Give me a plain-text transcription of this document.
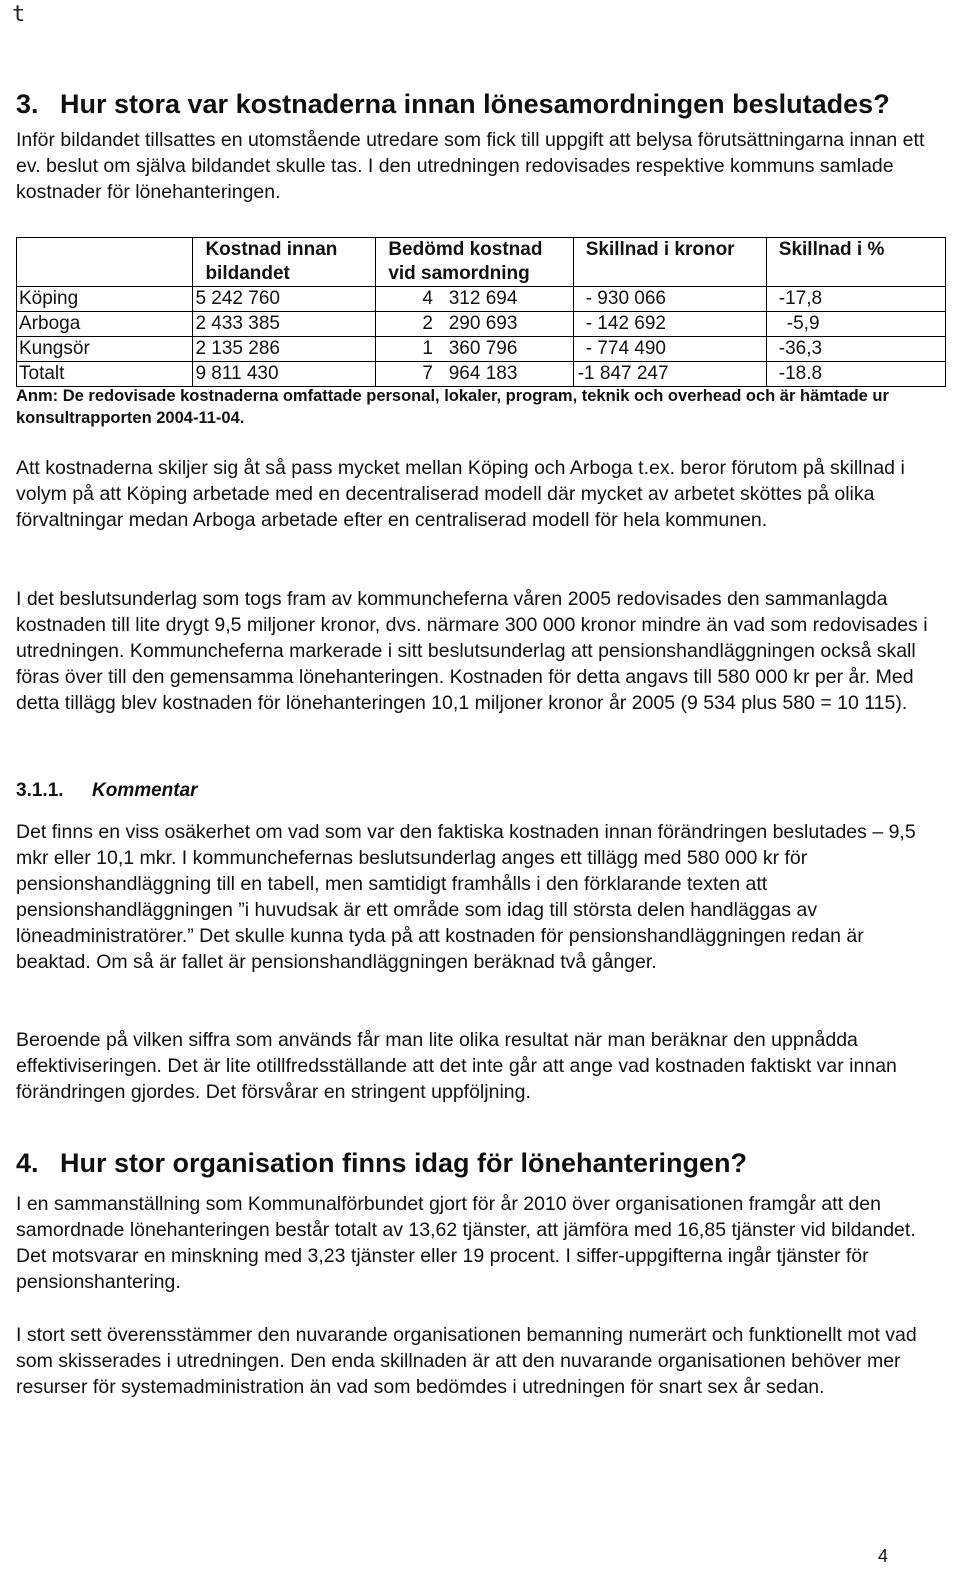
t
3. Hur stora var kostnaderna innan lönesamordningen beslutades?

Inför bildandet tillsattes en utomstående utredare som fick till uppgift att belysa förutsättningarna innan ett ev. beslut om själva bildandet skulle tas. I den utredningen redovisades respektive kommuns samlade kostnader för lönehanteringen.

	Kostnad innan bildandet	Bedömd kostnad vid samordning	Skillnad i kronor	Skillnad i %
Köping	5 242 760	4   312 694	- 930 066	-17,8
Arboga	2 433 385	2   290 693	- 142 692	-5,9
Kungsör	2 135 286	1   360 796	- 774 490	-36,3
Totalt	9 811 430	7   964 183	-1 847 247	-18.8

Anm: De redovisade kostnaderna omfattade personal, lokaler, program, teknik och overhead och är hämtade ur konsultrapporten 2004-11-04.

Att kostnaderna skiljer sig åt så pass mycket mellan Köping och Arboga t.ex. beror förutom på skillnad i volym på att Köping arbetade med en decentraliserad modell där mycket av arbetet sköttes på olika förvaltningar medan Arboga arbetade efter en centraliserad modell för hela kommunen.

I det beslutsunderlag som togs fram av kommuncheferna våren 2005 redovisades den sammanlagda kostnaden till lite drygt 9,5 miljoner kronor, dvs. närmare 300 000 kronor mindre än vad som redovisades i utredningen. Kommuncheferna markerade i sitt beslutsunderlag att pensionshandläggningen också skall föras över till den gemensamma lönehanteringen. Kostnaden för detta angavs till 580 000 kr per år. Med detta tillägg blev kostnaden för lönehanteringen 10,1 miljoner kronor år 2005 (9 534 plus 580 = 10 115).

3.1.1. Kommentar

Det finns en viss osäkerhet om vad som var den faktiska kostnaden innan förändringen beslutades – 9,5 mkr eller 10,1 mkr. I kommunchefernas beslutsunderlag anges ett tillägg med 580 000 kr för pensionshandläggning till en tabell, men samtidigt framhålls i den förklarande texten att pensionshandläggningen ”i huvudsak är ett område som idag till största delen handläggas av löneadministratörer.” Det skulle kunna tyda på att kostnaden för pensionshandläggningen redan är beaktad. Om så är fallet är pensionshandläggningen beräknad två gånger.

Beroende på vilken siffra som används får man lite olika resultat när man beräknar den uppnådda effektiviseringen. Det är lite otillfredsställande att det inte går att ange vad kostnaden faktiskt var innan förändringen gjordes. Det försvårar en stringent uppföljning.

4. Hur stor organisation finns idag för lönehanteringen?

I en sammanställning som Kommunalförbundet gjort för år 2010 över organisationen framgår att den samordnade lönehanteringen består totalt av 13,62 tjänster, att jämföra med 16,85 tjänster vid bildandet. Det motsvarar en minskning med 3,23 tjänster eller 19 procent. I siffer-uppgifterna ingår tjänster för pensionshantering.

I stort sett överensstämmer den nuvarande organisationen bemanning numerärt och funktionellt mot vad som skisserades i utredningen. Den enda skillnaden är att den nuvarande organisationen behöver mer resurser för systemadministration än vad som bedömdes i utredningen för snart sex år sedan.

4
